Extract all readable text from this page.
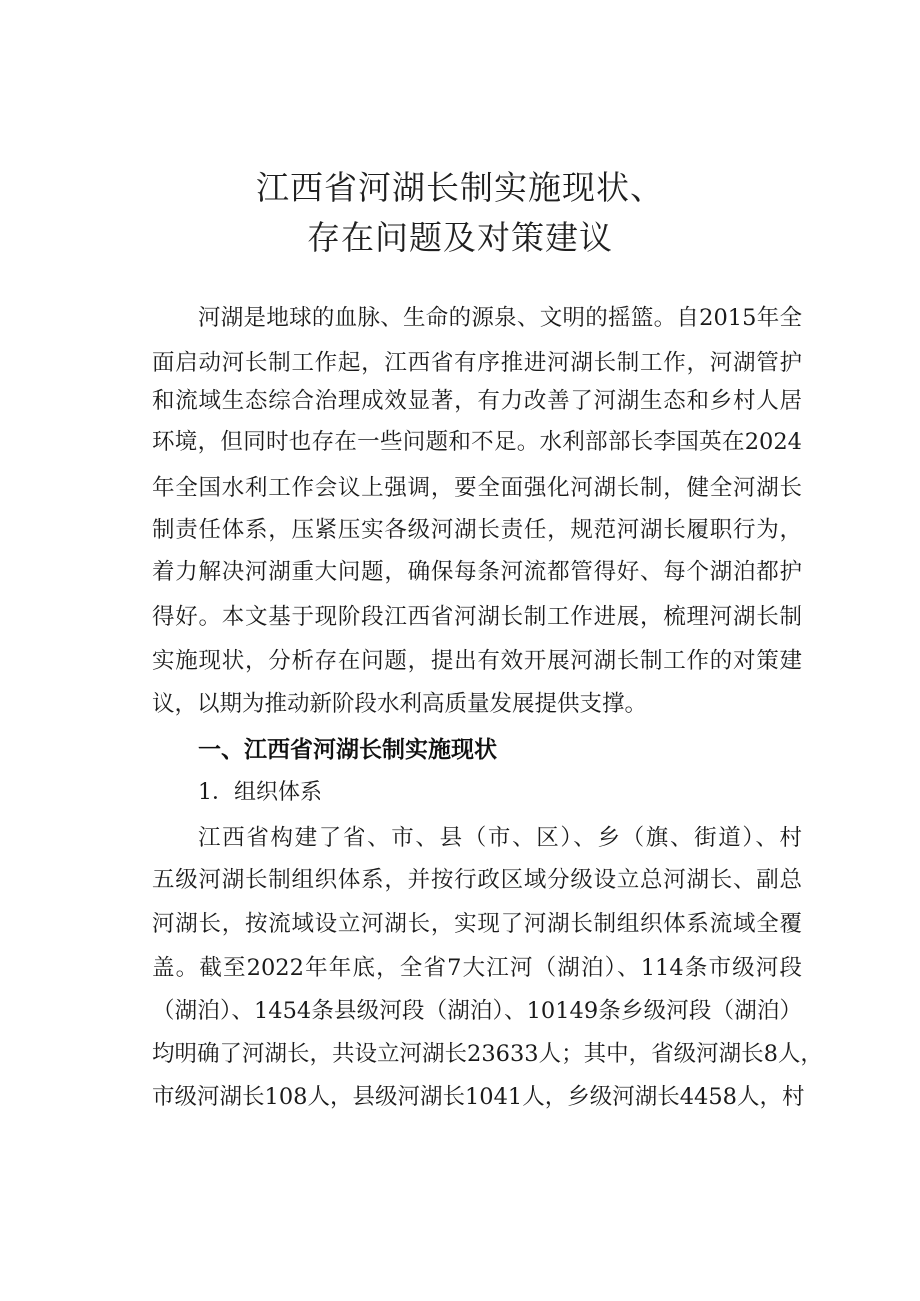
江西省河湖长制实施现状、
存在问题及对策建议
河湖是地球的血脉、生命的源泉、文明的摇篮。自2015年全
面启动河长制工作起，江西省有序推进河湖长制工作，河湖管护
和流域生态综合治理成效显著，有力改善了河湖生态和乡村人居
环境，但同时也存在一些问题和不足。水利部部长李国英在2024
年全国水利工作会议上强调，要全面强化河湖长制，健全河湖长
制责任体系，压紧压实各级河湖长责任，规范河湖长履职行为，
着力解决河湖重大问题，确保每条河流都管得好、每个湖泊都护
得好。本文基于现阶段江西省河湖长制工作进展，梳理河湖长制
实施现状，分析存在问题，提出有效开展河湖长制工作的对策建
议，以期为推动新阶段水利高质量发展提供支撑。
一、江西省河湖长制实施现状
1．组织体系
江西省构建了省、市、县（市、区）、乡（旗、街道）、村
五级河湖长制组织体系，并按行政区域分级设立总河湖长、副总
河湖长，按流域设立河湖长，实现了河湖长制组织体系流域全覆
盖。截至2022年年底，全省7大江河（湖泊）、114条市级河段
（湖泊）、1454条县级河段（湖泊）、10149条乡级河段（湖泊）
均明确了河湖长，共设立河湖长23633人；其中，省级河湖长8人，
市级河湖长108人，县级河湖长1041人，乡级河湖长4458人，村
